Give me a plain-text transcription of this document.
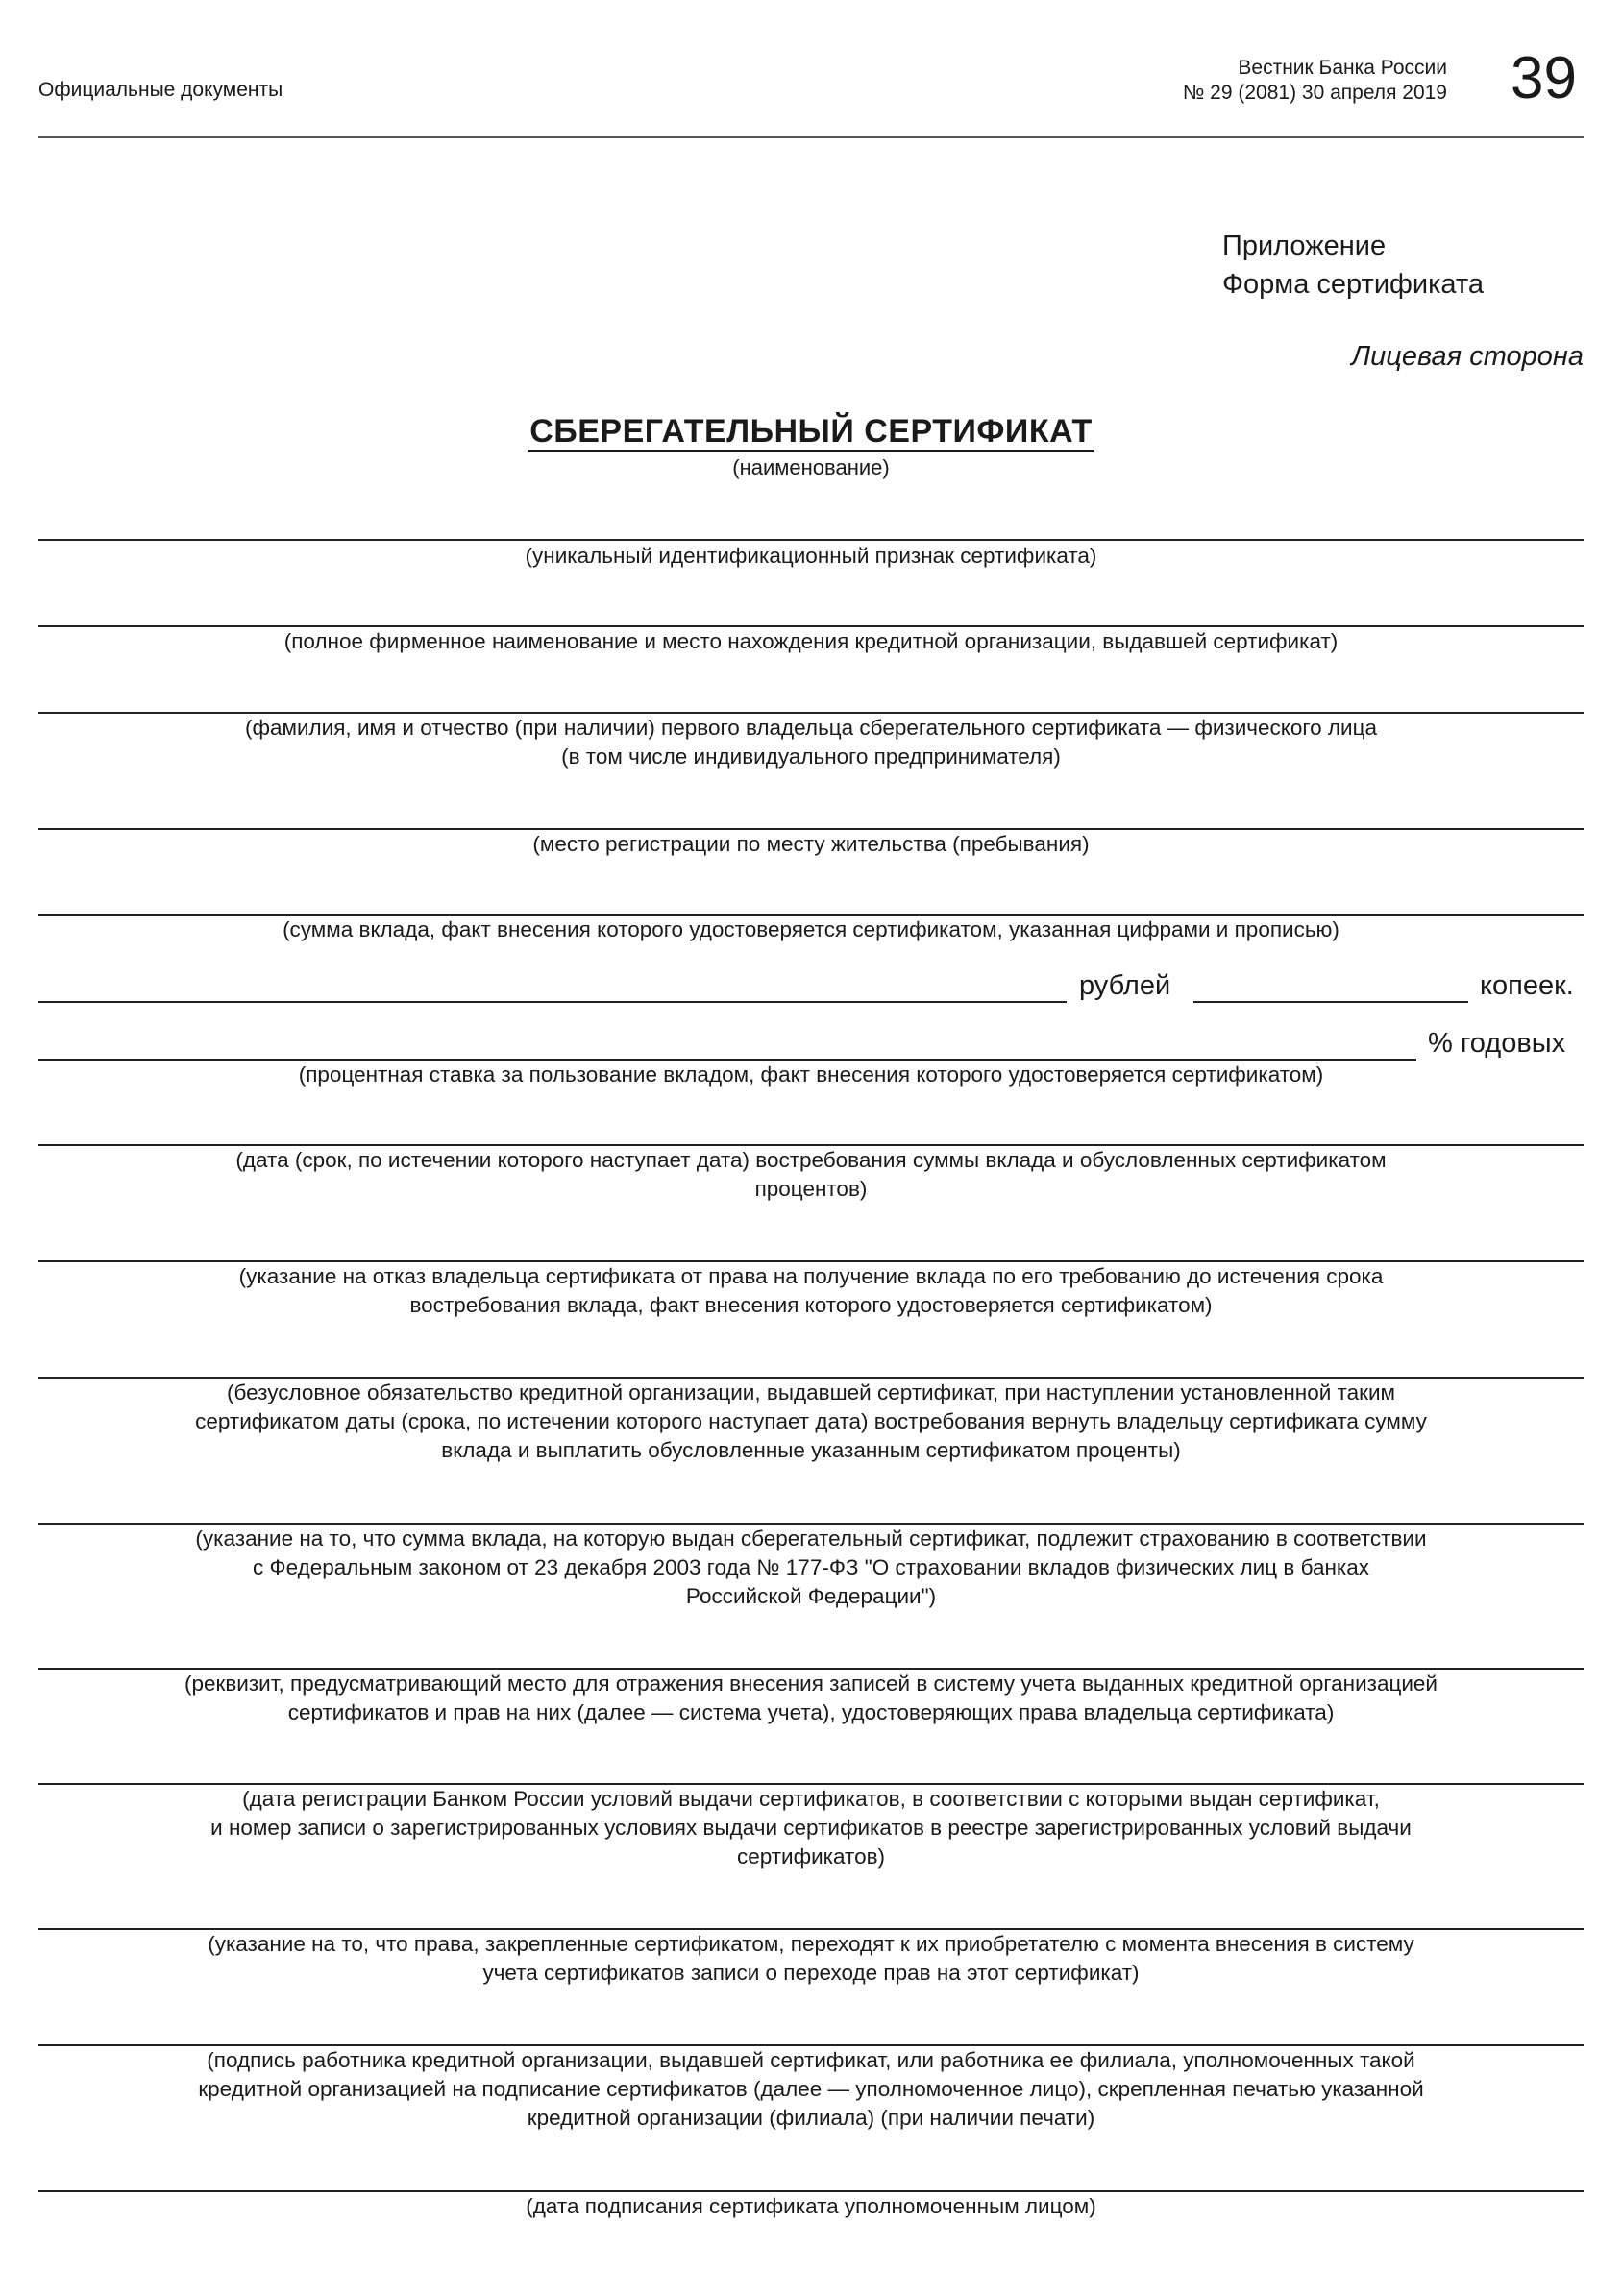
Официальные документы
Вестник Банка России
№ 29 (2081) 30 апреля 2019 39
Приложение
Форма сертификата
Лицевая сторона
СБЕРЕГАТЕЛЬНЫЙ СЕРТИФИКАТ
(наименование)
(уникальный идентификационный признак сертификата)
(полное фирменное наименование и место нахождения кредитной организации, выдавшей сертификат)
(фамилия, имя и отчество (при наличии) первого владельца сберегательного сертификата — физического лица
(в том числе индивидуального предпринимателя)
(место регистрации по месту жительства (пребывания)
(сумма вклада, факт внесения которого удостоверяется сертификатом, указанная цифрами и прописью)
рублей	копеек.
% годовых
(процентная ставка за пользование вкладом, факт внесения которого удостоверяется сертификатом)
(дата (срок, по истечении которого наступает дата) востребования суммы вклада и обусловленных сертификатом
процентов)
(указание на отказ владельца сертификата от права на получение вклада по его требованию до истечения срока
востребования вклада, факт внесения которого удостоверяется сертификатом)
(безусловное обязательство кредитной организации, выдавшей сертификат, при наступлении установленной таким
сертификатом даты (срока, по истечении которого наступает дата) востребования вернуть владельцу сертификата сумму
вклада и выплатить обусловленные указанным сертификатом проценты)
(указание на то, что сумма вклада, на которую выдан сберегательный сертификат, подлежит страхованию в соответствии
с Федеральным законом от 23 декабря 2003 года № 177-ФЗ "О страховании вкладов физических лиц в банках
Российской Федерации")
(реквизит, предусматривающий место для отражения внесения записей в систему учета выданных кредитной организацией
сертификатов и прав на них (далее — система учета), удостоверяющих права владельца сертификата)
(дата регистрации Банком России условий выдачи сертификатов, в соответствии с которыми выдан сертификат,
и номер записи о зарегистрированных условиях выдачи сертификатов в реестре зарегистрированных условий выдачи
сертификатов)
(указание на то, что права, закрепленные сертификатом, переходят к их приобретателю с момента внесения в систему
учета сертификатов записи о переходе прав на этот сертификат)
(подпись работника кредитной организации, выдавшей сертификат, или работника ее филиала, уполномоченных такой
кредитной организацией на подписание сертификатов (далее — уполномоченное лицо), скрепленная печатью указанной
кредитной организации (филиала) (при наличии печати)
(дата подписания сертификата уполномоченным лицом)
